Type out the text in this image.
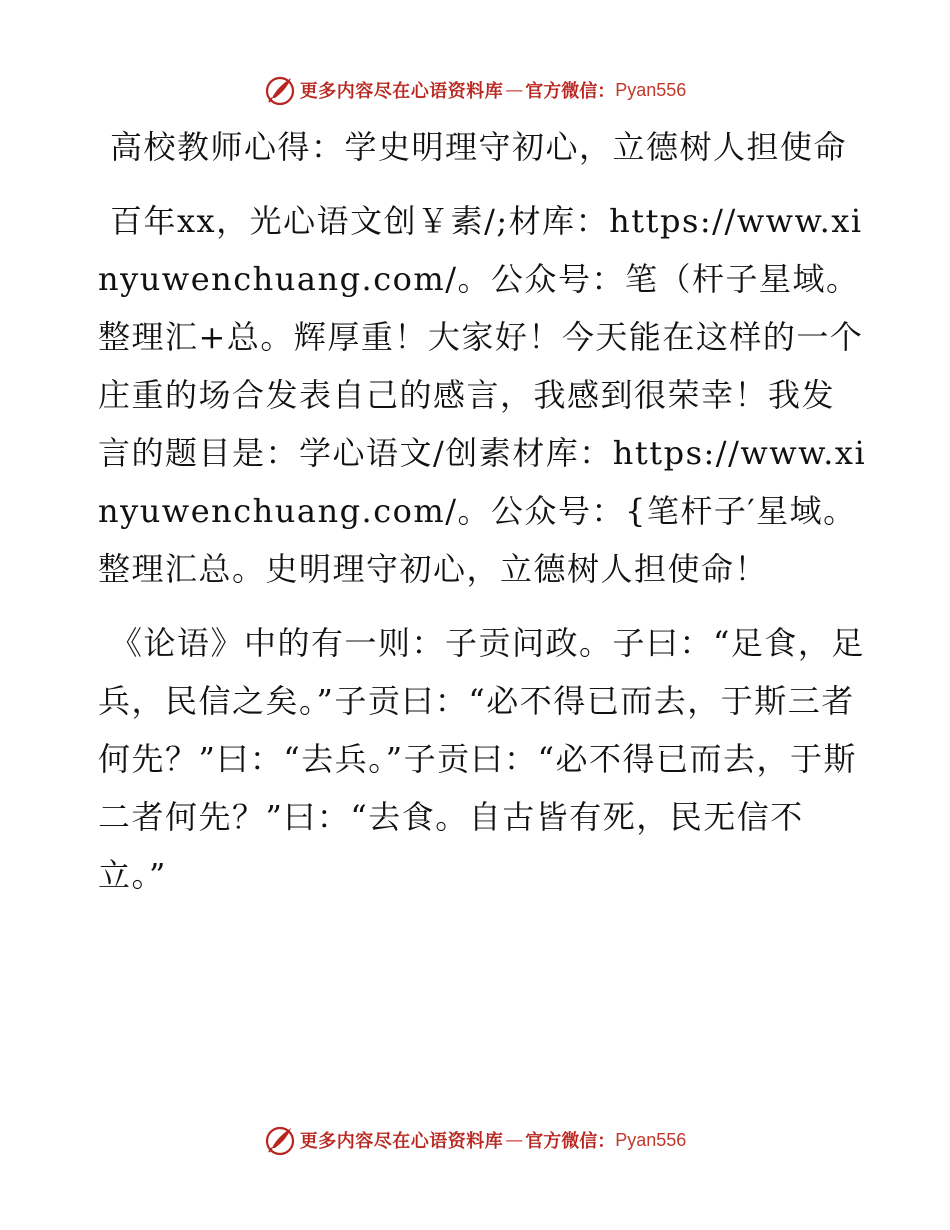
更多内容尽在心语资料库 — 官方微信： Pyan556

高校教师心得：学史明理守初心，立德树人担使命

百年xx，光心语文创￥素/;材库：https://www.xinyuwenchuang.com/。公众号：笔（杆子星域。整理汇+总。辉厚重！大家好！今天能在这样的一个庄重的场合发表自己的感言，我感到很荣幸！我发言的题目是：学心语文/创素材库：https://www.xinyuwenchuang.com/。公众号：{笔杆子′星域。整理汇总。史明理守初心，立德树人担使命！

《论语》中的有一则：子贡问政。子曰：“足食，足兵，民信之矣。”子贡曰：“必不得已而去，于斯三者何先？”曰：“去兵。”子贡曰：“必不得已而去，于斯二者何先？”曰：“去食。自古皆有死，民无信不立。”

更多内容尽在心语资料库 — 官方微信： Pyan556
